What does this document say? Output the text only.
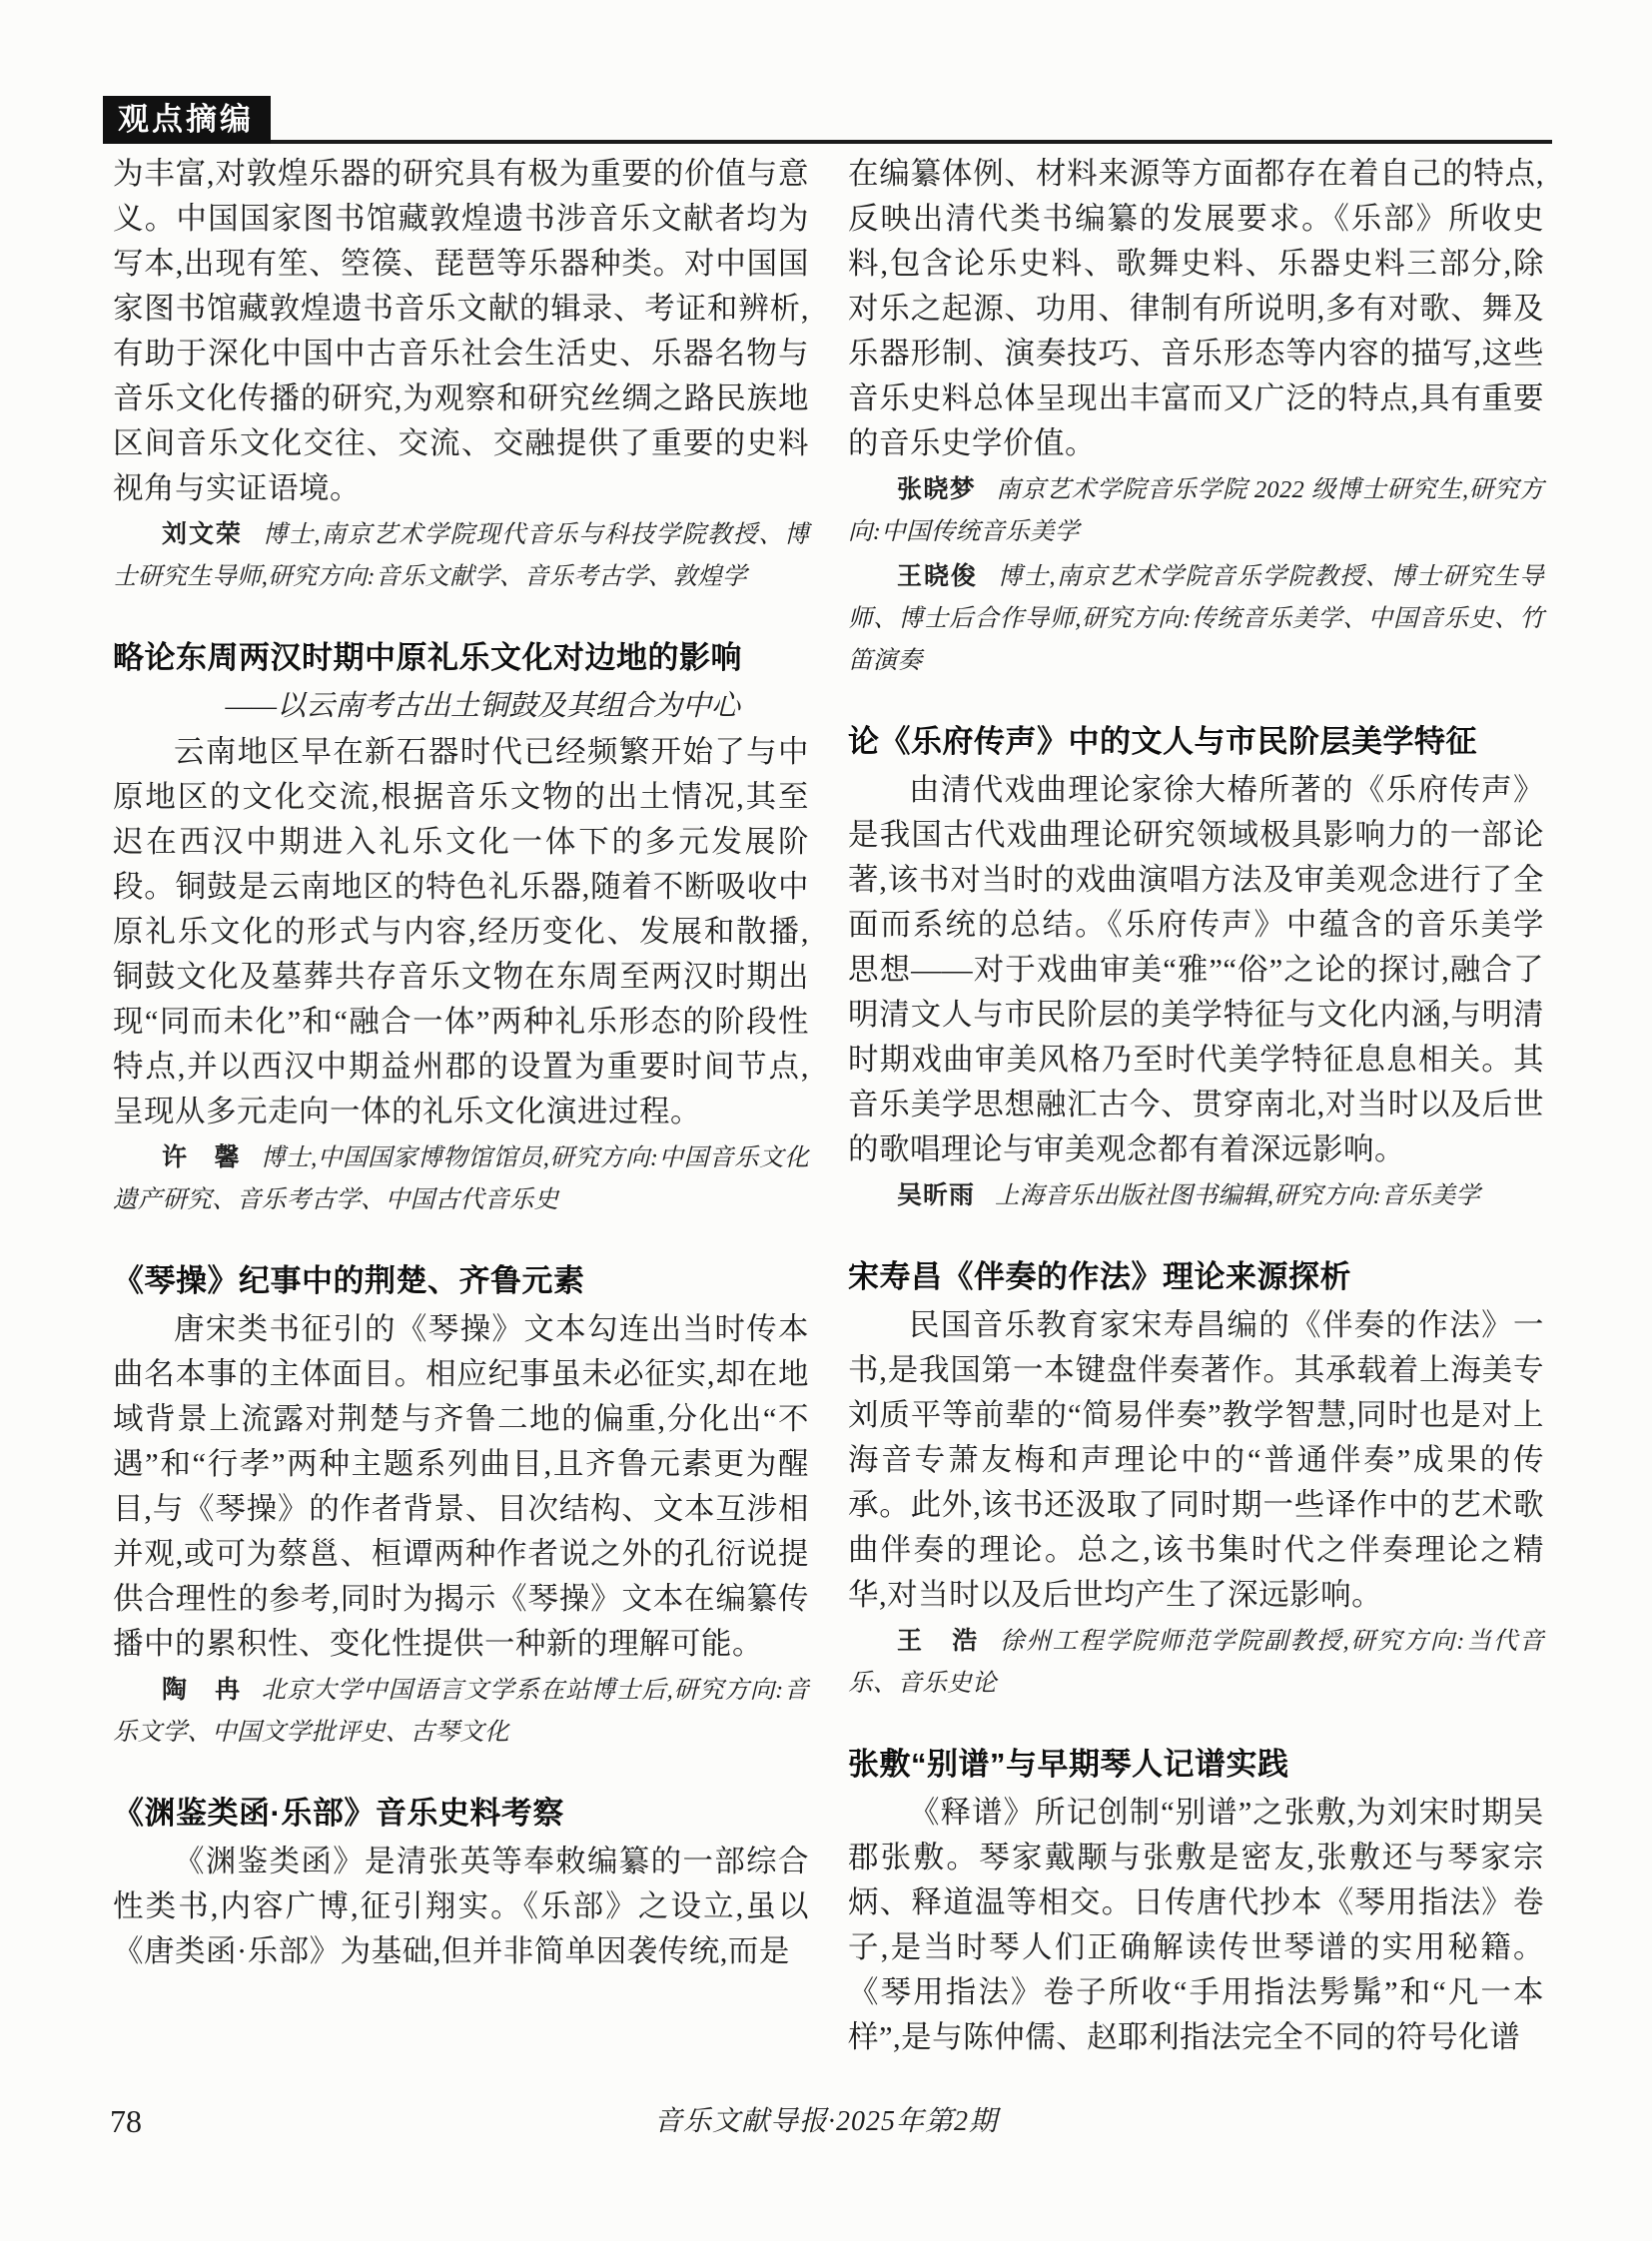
观点摘编

为丰富,对敦煌乐器的研究具有极为重要的价值与意义。中国国家图书馆藏敦煌遗书涉音乐文献者均为写本,出现有笙、箜篌、琵琶等乐器种类。对中国国家图书馆藏敦煌遗书音乐文献的辑录、考证和辨析,有助于深化中国中古音乐社会生活史、乐器名物与音乐文化传播的研究,为观察和研究丝绸之路民族地区间音乐文化交往、交流、交融提供了重要的史料视角与实证语境。

刘文荣 博士,南京艺术学院现代音乐与科技学院教授、博士研究生导师,研究方向:音乐文献学、音乐考古学、敦煌学

略论东周两汉时期中原礼乐文化对边地的影响

——以云南考古出土铜鼓及其组合为中心

云南地区早在新石器时代已经频繁开始了与中原地区的文化交流,根据音乐文物的出土情况,其至迟在西汉中期进入礼乐文化一体下的多元发展阶段。铜鼓是云南地区的特色礼乐器,随着不断吸收中原礼乐文化的形式与内容,经历变化、发展和散播,铜鼓文化及墓葬共存音乐文物在东周至两汉时期出现“同而未化”和“融合一体”两种礼乐形态的阶段性特点,并以西汉中期益州郡的设置为重要时间节点,呈现从多元走向一体的礼乐文化演进过程。

许　馨 博士,中国国家博物馆馆员,研究方向:中国音乐文化遗产研究、音乐考古学、中国古代音乐史

《琴操》纪事中的荆楚、齐鲁元素

唐宋类书征引的《琴操》文本勾连出当时传本曲名本事的主体面目。相应纪事虽未必征实,却在地域背景上流露对荆楚与齐鲁二地的偏重,分化出“不遇”和“行孝”两种主题系列曲目,且齐鲁元素更为醒目,与《琴操》的作者背景、目次结构、文本互涉相并观,或可为蔡邕、桓谭两种作者说之外的孔衍说提供合理性的参考,同时为揭示《琴操》文本在编纂传播中的累积性、变化性提供一种新的理解可能。

陶　冉 北京大学中国语言文学系在站博士后,研究方向:音乐文学、中国文学批评史、古琴文化

《渊鉴类函·乐部》音乐史料考察

《渊鉴类函》是清张英等奉敕编纂的一部综合性类书,内容广博,征引翔实。《乐部》之设立,虽以《唐类函·乐部》为基础,但并非简单因袭传统,而是

在编纂体例、材料来源等方面都存在着自己的特点,反映出清代类书编纂的发展要求。《乐部》所收史料,包含论乐史料、歌舞史料、乐器史料三部分,除对乐之起源、功用、律制有所说明,多有对歌、舞及乐器形制、演奏技巧、音乐形态等内容的描写,这些音乐史料总体呈现出丰富而又广泛的特点,具有重要的音乐史学价值。

张晓梦 南京艺术学院音乐学院 2022 级博士研究生,研究方向:中国传统音乐美学

王晓俊 博士,南京艺术学院音乐学院教授、博士研究生导师、博士后合作导师,研究方向:传统音乐美学、中国音乐史、竹笛演奏

论《乐府传声》中的文人与市民阶层美学特征

由清代戏曲理论家徐大椿所著的《乐府传声》是我国古代戏曲理论研究领域极具影响力的一部论著,该书对当时的戏曲演唱方法及审美观念进行了全面而系统的总结。《乐府传声》中蕴含的音乐美学思想——对于戏曲审美“雅”“俗”之论的探讨,融合了明清文人与市民阶层的美学特征与文化内涵,与明清时期戏曲审美风格乃至时代美学特征息息相关。其音乐美学思想融汇古今、贯穿南北,对当时以及后世的歌唱理论与审美观念都有着深远影响。

吴昕雨 上海音乐出版社图书编辑,研究方向:音乐美学

宋寿昌《伴奏的作法》理论来源探析

民国音乐教育家宋寿昌编的《伴奏的作法》一书,是我国第一本键盘伴奏著作。其承载着上海美专刘质平等前辈的“简易伴奏”教学智慧,同时也是对上海音专萧友梅和声理论中的“普通伴奏”成果的传承。此外,该书还汲取了同时期一些译作中的艺术歌曲伴奏的理论。总之,该书集时代之伴奏理论之精华,对当时以及后世均产生了深远影响。

王　浩 徐州工程学院师范学院副教授,研究方向:当代音乐、音乐史论

张敷“别谱”与早期琴人记谱实践

《释谱》所记创制“别谱”之张敷,为刘宋时期吴郡张敷。琴家戴颙与张敷是密友,张敷还与琴家宗炳、释道温等相交。日传唐代抄本《琴用指法》卷子,是当时琴人们正确解读传世琴谱的实用秘籍。《琴用指法》卷子所收“手用指法髣髴”和“凡一本样”,是与陈仲儒、赵耶利指法完全不同的符号化谱

78	音乐文献导报·2025年第2期
